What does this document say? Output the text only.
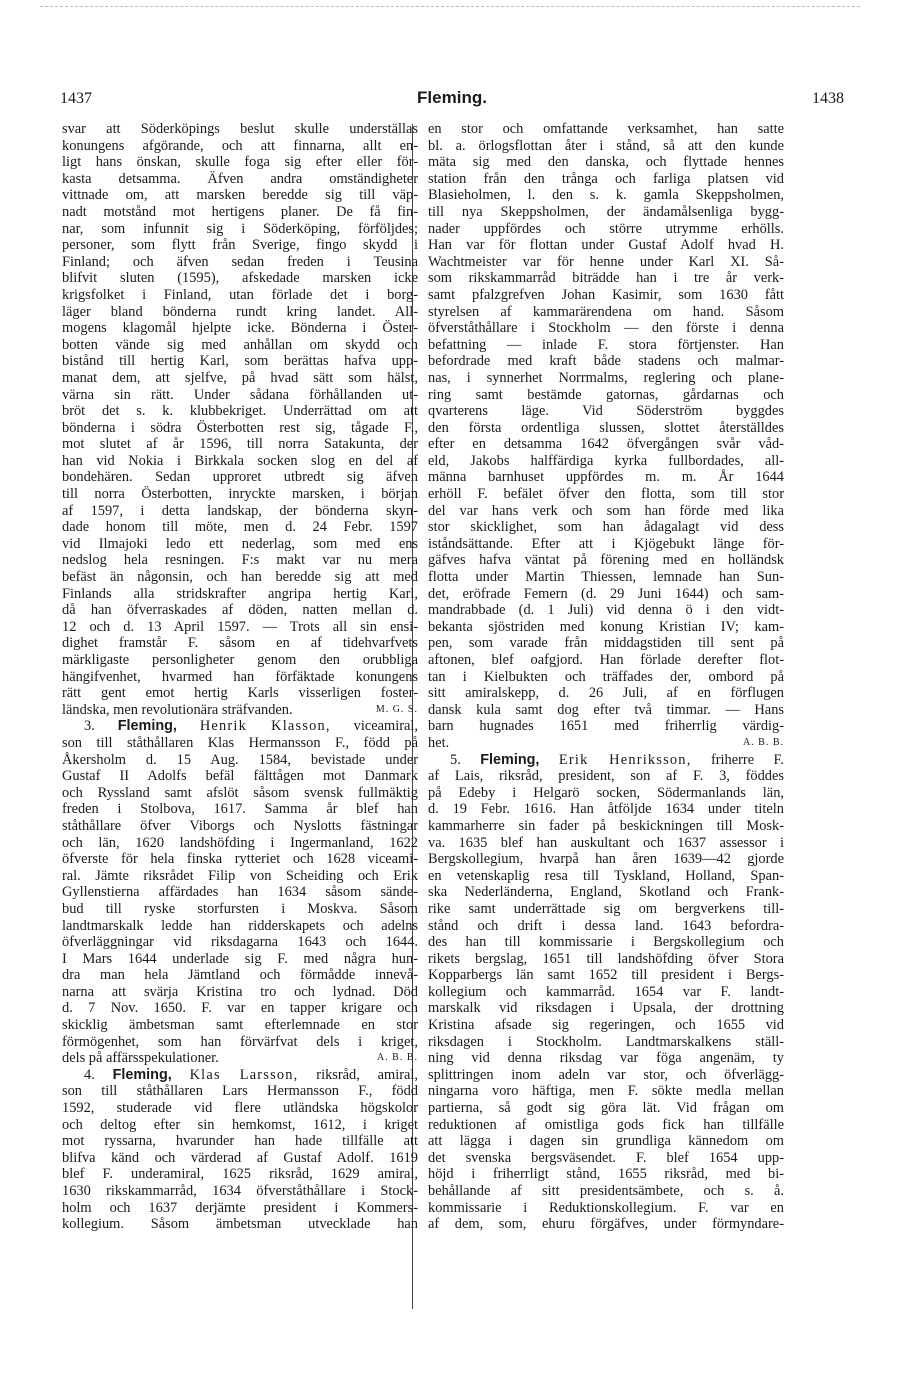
1437	Fleming.	1438
svar att Söderköpings beslut skulle underställas
konungens afgörande, och att finnarna, allt en-
ligt hans önskan, skulle foga sig efter eller för-
kasta detsamma. Äfven andra omständigheter
vittnade om, att marsken beredde sig till väp-
nadt motstånd mot hertigens planer. De få fin-
nar, som infunnit sig i Söderköping, förföljdes;
personer, som flytt från Sverige, fingo skydd i
Finland; och äfven sedan freden i Teusina
blifvit sluten (1595), afskedade marsken icke
krigsfolket i Finland, utan förlade det i borg-
läger bland bönderna rundt kring landet. All-
mogens klagomål hjelpte icke. Bönderna i Öster-
botten vände sig med anhållan om skydd och
bistånd till hertig Karl, som berättas hafva upp-
manat dem, att sjelfve, på hvad sätt som hälst,
värna sin rätt. Under sådana förhållanden ut-
bröt det s. k. klubbekriget. Underrättad om att
bönderna i södra Österbotten rest sig, tågade F.,
mot slutet af år 1596, till norra Satakunta, der
han vid Nokia i Birkkala socken slog en del af
bondehären. Sedan upproret utbredt sig äfven
till norra Österbotten, inryckte marsken, i början
af 1597, i detta landskap, der bönderna skyn-
dade honom till möte, men d. 24 Febr. 1597
vid Ilmajoki ledo ett nederlag, som med ens
nedslog hela resningen. F:s makt var nu mera
befäst än någonsin, och han beredde sig att med
Finlands alla stridskrafter angripa hertig Karl,
då han öfverraskades af döden, natten mellan d.
12 och d. 13 April 1597. — Trots all sin ensi-
dighet framstår F. såsom en af tidehvarfvets
märkligaste personligheter genom den orubbliga
hängifvenhet, hvarmed han förfäktade konungens
rätt gent emot hertig Karls visserligen foster-
ländska, men revolutionära sträfvanden.	M. G. S.
3. Fleming, Henrik Klasson, viceamiral,
son till ståthållaren Klas Hermansson F., född på
Åkersholm d. 15 Aug. 1584, bevistade under
Gustaf II Adolfs befäl fälttågen mot Danmark
och Ryssland samt afslöt såsom svensk fullmäktig
freden i Stolbova, 1617. Samma år blef han
ståthållare öfver Viborgs och Nyslotts fästningar
och län, 1620 landshöfding i Ingermanland, 1622
öfverste för hela finska rytteriet och 1628 viceami-
ral. Jämte riksrådet Filip von Scheiding och Erik
Gyllenstierna affärdades han 1634 såsom sände-
bud till ryske storfursten i Moskva. Såsom
landtmarskalk ledde han ridderskapets och adelns
öfverläggningar vid riksdagarna 1643 och 1644.
I Mars 1644 underlade sig F. med några hun-
dra man hela Jämtland och förmådde innevå-
narna att svärja Kristina tro och lydnad. Död
d. 7 Nov. 1650. F. var en tapper krigare och
skicklig ämbetsman samt efterlemnade en stor
förmögenhet, som han förvärfvat dels i kriget,
dels på affärsspekulationer.	A. B. B.
4. Fleming, Klas Larsson, riksråd, amiral,
son till ståthållaren Lars Hermansson F., född
1592, studerade vid flere utländska högskolor
och deltog efter sin hemkomst, 1612, i kriget
mot ryssarna, hvarunder han hade tillfälle att
blifva känd och värderad af Gustaf Adolf. 1619
blef F. underamiral, 1625 riksråd, 1629 amiral,
1630 rikskammarråd, 1634 öfverståthållare i Stock-
holm och 1637 derjämte president i Kommers-
kollegium. Såsom ämbetsman utvecklade han
en stor och omfattande verksamhet, han satte
bl. a. örlogsflottan åter i stånd, så att den kunde
mäta sig med den danska, och flyttade hennes
station från den trånga och farliga platsen vid
Blasieholmen, l. den s. k. gamla Skeppsholmen,
till nya Skeppsholmen, der ändamålsenliga bygg-
nader uppfördes och större utrymme erhölls.
Han var för flottan under Gustaf Adolf hvad H.
Wachtmeister var för henne under Karl XI. Så-
som rikskammarråd biträdde han i tre år verk-
samt pfalzgrefven Johan Kasimir, som 1630 fått
styrelsen af kammarärendena om hand. Såsom
öfverståthållare i Stockholm — den förste i denna
befattning — inlade F. stora förtjenster. Han
befordrade med kraft både stadens och malmar-
nas, i synnerhet Norrmalms, reglering och plane-
ring samt bestämde gatornas, gårdarnas och
qvarterens läge. Vid Söderström byggdes
den första ordentliga slussen, slottet återställdes
efter en detsamma 1642 öfvergången svår våd-
eld, Jakobs halffärdiga kyrka fullbordades, all-
männa barnhuset uppfördes m. m. År 1644
erhöll F. befälet öfver den flotta, som till stor
del var hans verk och som han förde med lika
stor skicklighet, som han ådagalagt vid dess
iståndsättande. Efter att i Kjögebukt länge för-
gäfves hafva väntat på förening med en holländsk
flotta under Martin Thiessen, lemnade han Sun-
det, eröfrade Femern (d. 29 Juni 1644) och sam-
mandrabbade (d. 1 Juli) vid denna ö i den vidt-
bekanta sjöstriden med konung Kristian IV; kam-
pen, som varade från middagstiden till sent på
aftonen, blef oafgjord. Han förlade derefter flot-
tan i Kielbukten och träffades der, ombord på
sitt amiralskepp, d. 26 Juli, af en förflugen
dansk kula samt dog efter två timmar. — Hans
barn hugnades 1651 med friherrlig värdig-
het.	A. B. B.
5. Fleming, Erik Henriksson, friherre F.
af Lais, riksråd, president, son af F. 3, föddes
på Edeby i Helgarö socken, Södermanlands län,
d. 19 Febr. 1616. Han åtföljde 1634 under titeln
kammarherre sin fader på beskickningen till Mosk-
va. 1635 blef han auskultant och 1637 assessor i
Bergskollegium, hvarpå han åren 1639—42 gjorde
en vetenskaplig resa till Tyskland, Holland, Span-
ska Nederländerna, England, Skotland och Frank-
rike samt underrättade sig om bergverkens till-
stånd och drift i dessa land. 1643 befordra-
des han till kommissarie i Bergskollegium och
rikets bergslag, 1651 till landshöfding öfver Stora
Kopparbergs län samt 1652 till president i Bergs-
kollegium och kammarråd. 1654 var F. landt-
marskalk vid riksdagen i Upsala, der drottning
Kristina afsade sig regeringen, och 1655 vid
riksdagen i Stockholm. Landtmarskalkens ställ-
ning vid denna riksdag var föga angenäm, ty
splittringen inom adeln var stor, och öfverlägg-
ningarna voro häftiga, men F. sökte medla mellan
partierna, så godt sig göra lät. Vid frågan om
reduktionen af omistliga gods fick han tillfälle
att lägga i dagen sin grundliga kännedom om
det svenska bergsväsendet. F. blef 1654 upp-
höjd i friherrligt stånd, 1655 riksråd, med bi-
behållande af sitt presidentsämbete, och s. å.
kommissarie i Reduktionskollegium. F. var en
af dem, som, ehuru förgäfves, under förmyndare-
